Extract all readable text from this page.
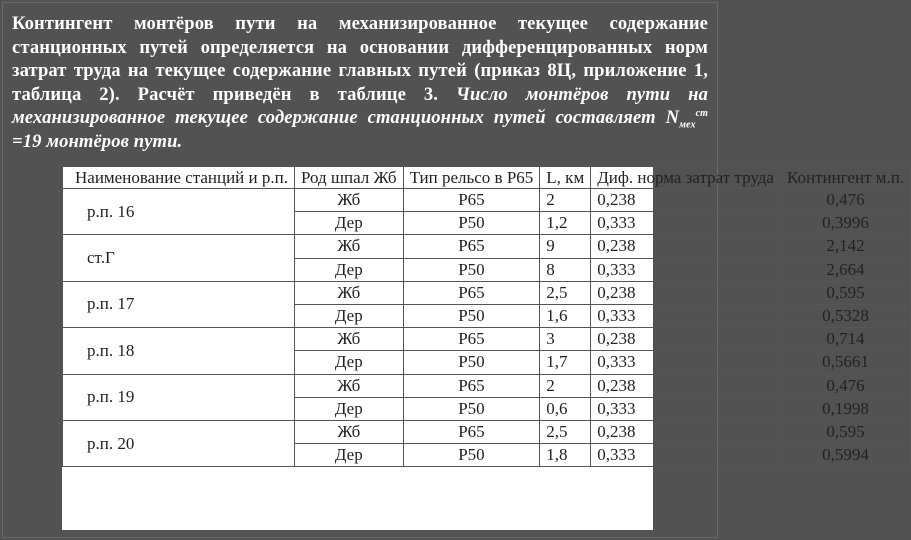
Контингент монтёров пути на механизированное текущее содержание станционных путей определяется на основании дифференцированных норм затрат труда на текущее содержание главных путей (приказ 8Ц, приложение 1, таблица 2). Расчёт приведён в таблице 3. Число монтёров пути на механизированное текущее содержание станционных путей составляет $N_{мех}^{ст} =19$ монтёров пути.
Наименование станций и р.п.	Род шпал Жб	Тип рельсо в Р65	L, км	Диф. норма затрат труда	Контингент м.п.
р.п. 16	Жб	Р65	2	0,238	0,476
	Дер	Р50	1,2	0,333	0,3996
ст.Г	Жб	Р65	9	0,238	2,142
	Дер	Р50	8	0,333	2,664
р.п. 17	Жб	Р65	2,5	0,238	0,595
	Дер	Р50	1,6	0,333	0,5328
р.п. 18	Жб	Р65	3	0,238	0,714
	Дер	Р50	1,7	0,333	0,5661
р.п. 19	Жб	Р65	2	0,238	0,476
	Дер	Р50	0,6	0,333	0,1998
р.п. 20	Жб	Р65	2,5	0,238	0,595
	Дер	Р50	1,8	0,333	0,5994
